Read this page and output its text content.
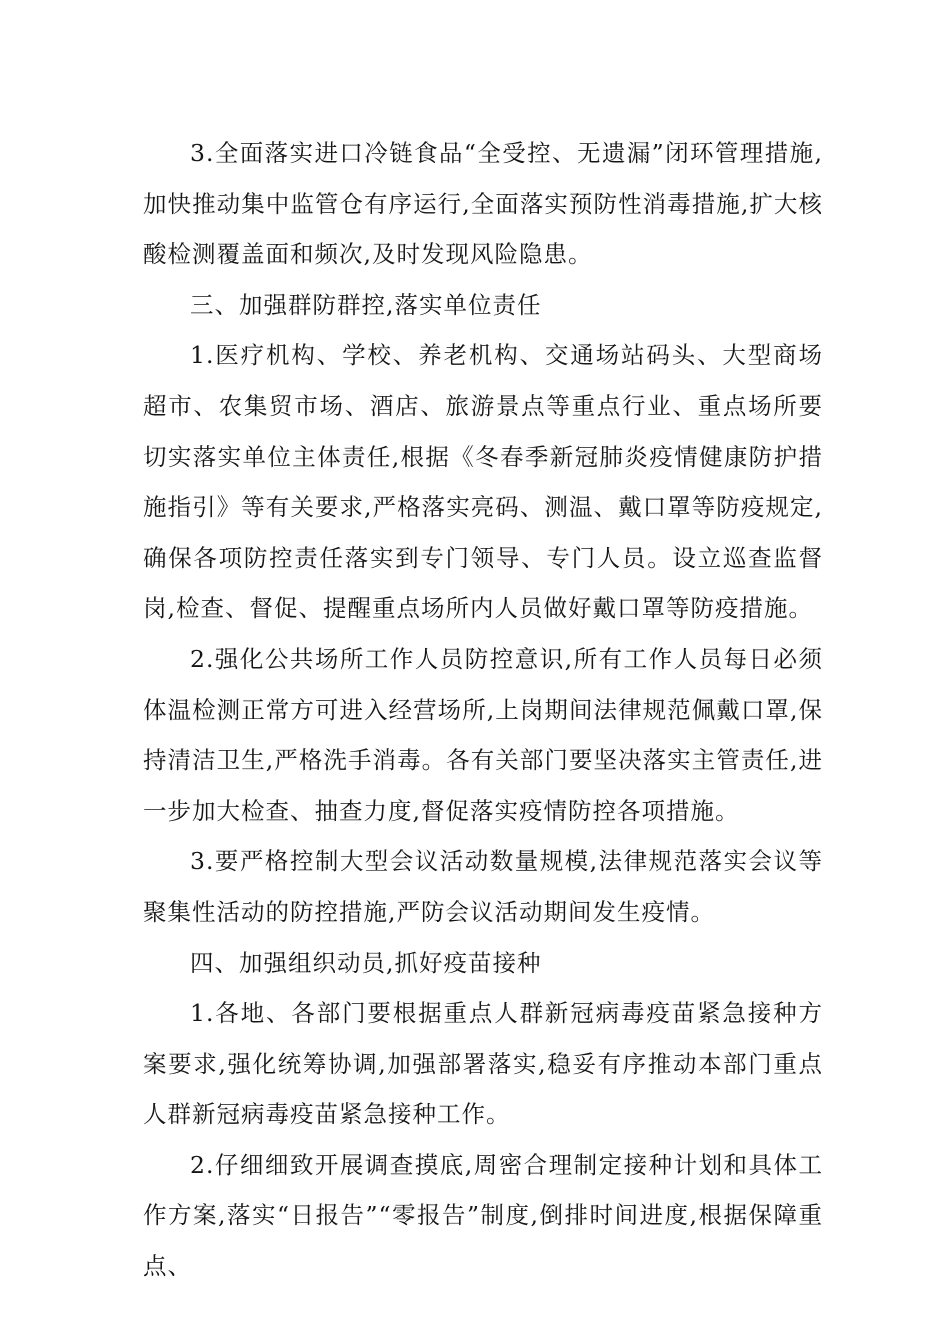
3.全面落实进口冷链食品“全受控、无遗漏”闭环管理措施,加快推动集中监管仓有序运行,全面落实预防性消毒措施,扩大核酸检测覆盖面和频次,及时发现风险隐患。

三、加强群防群控,落实单位责任

1.医疗机构、学校、养老机构、交通场站码头、大型商场超市、农集贸市场、酒店、旅游景点等重点行业、重点场所要切实落实单位主体责任,根据《冬春季新冠肺炎疫情健康防护措施指引》等有关要求,严格落实亮码、测温、戴口罩等防疫规定,确保各项防控责任落实到专门领导、专门人员。设立巡查监督岗,检查、督促、提醒重点场所内人员做好戴口罩等防疫措施。

2.强化公共场所工作人员防控意识,所有工作人员每日必须体温检测正常方可进入经营场所,上岗期间法律规范佩戴口罩,保持清洁卫生,严格洗手消毒。各有关部门要坚决落实主管责任,进一步加大检查、抽查力度,督促落实疫情防控各项措施。

3.要严格控制大型会议活动数量规模,法律规范落实会议等聚集性活动的防控措施,严防会议活动期间发生疫情。

四、加强组织动员,抓好疫苗接种

1.各地、各部门要根据重点人群新冠病毒疫苗紧急接种方案要求,强化统筹协调,加强部署落实,稳妥有序推动本部门重点人群新冠病毒疫苗紧急接种工作。

2.仔细细致开展调查摸底,周密合理制定接种计划和具体工作方案,落实“日报告”“零报告”制度,倒排时间进度,根据保障重点、
